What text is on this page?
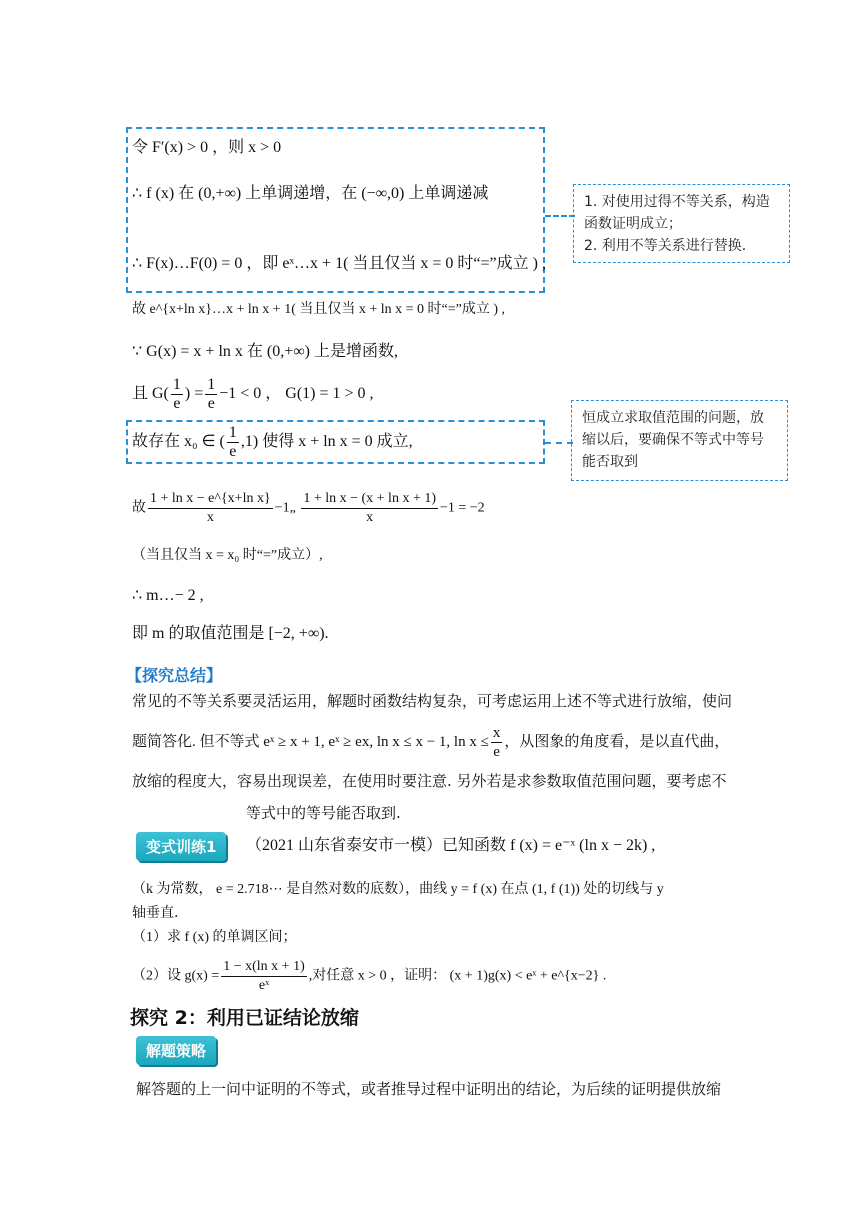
1. 对使用过得不等关系，构造函数证明成立；
2. 利用不等关系进行替换.
令 F′(x) > 0 ，则 x > 0
∴ f (x) 在 (0,+∞) 上单调递增，在 (−∞,0) 上单调递减
∴ F(x)…F(0) = 0 ，即 eˣ…x + 1( 当且仅当 x = 0 时“=”成立 ) ,
故 e^{x+ln x}…x + ln x + 1( 当且仅当 x + ln x = 0 时“=”成立 ) ,
∵ G(x) = x + ln x 在 (0,+∞) 上是增函数,
且 $G( \frac{1}{e}$ ) = $\frac{1}{e} -1 < 0$ ， G(1) = 1 > 0 ,
恒成立求取值范围的问题，放缩以后，要确保不等式中等号能否取到
故存在 x₀ ∈ ( $\frac{1}{e} ,1$) 使得 x + ln x = 0 成立,
故 $\frac{\text{1 + ln x − e\textasciicircum{}\{x+ln x\}}}{x}$ −1„ $\frac{\text{1 + ln x − (x + ln x + 1)}}{x} -1 = -2$
（当且仅当 x = x₀ 时“=”成立）,
∴ m…− 2 ,
即 m 的取值范围是 [−2, +∞).
【探究总结】
常见的不等关系要灵活运用，解题时函数结构复杂，可考虑运用上述不等式进行放缩，使问
题简答化. 但不等式 eˣ ≥ x + 1, eˣ ≥ ex, ln x ≤ x − 1, $\ln x \le \frac{x}{e}$ ，从图象的角度看，是以直代曲，
放缩的程度大，容易出现误差，在使用时要注意. 另外若是求参数取值范围问题，要考虑不
等式中的等号能否取到.
变式训练1	（2021 山东省泰安市一模）已知函数 f (x) = e⁻ˣ (ln x − 2k) ,
（k 为常数， e = 2.718⋯ 是自然对数的底数），曲线 y = f (x) 在点 (1, f (1)) 处的切线与 y
轴垂直.
（1）求 f (x) 的单调区间；
（2）设 $g(x) = \frac{\text{1 − x(ln x + 1)}}{\text{eˣ}}$ ,对任意 x > 0 ，证明： (x + 1)g(x) < eˣ + e^{x−2} .
探究 2：利用已证结论放缩
解题策略
解答题的上一问中证明的不等式，或者推导过程中证明出的结论，为后续的证明提供放缩
